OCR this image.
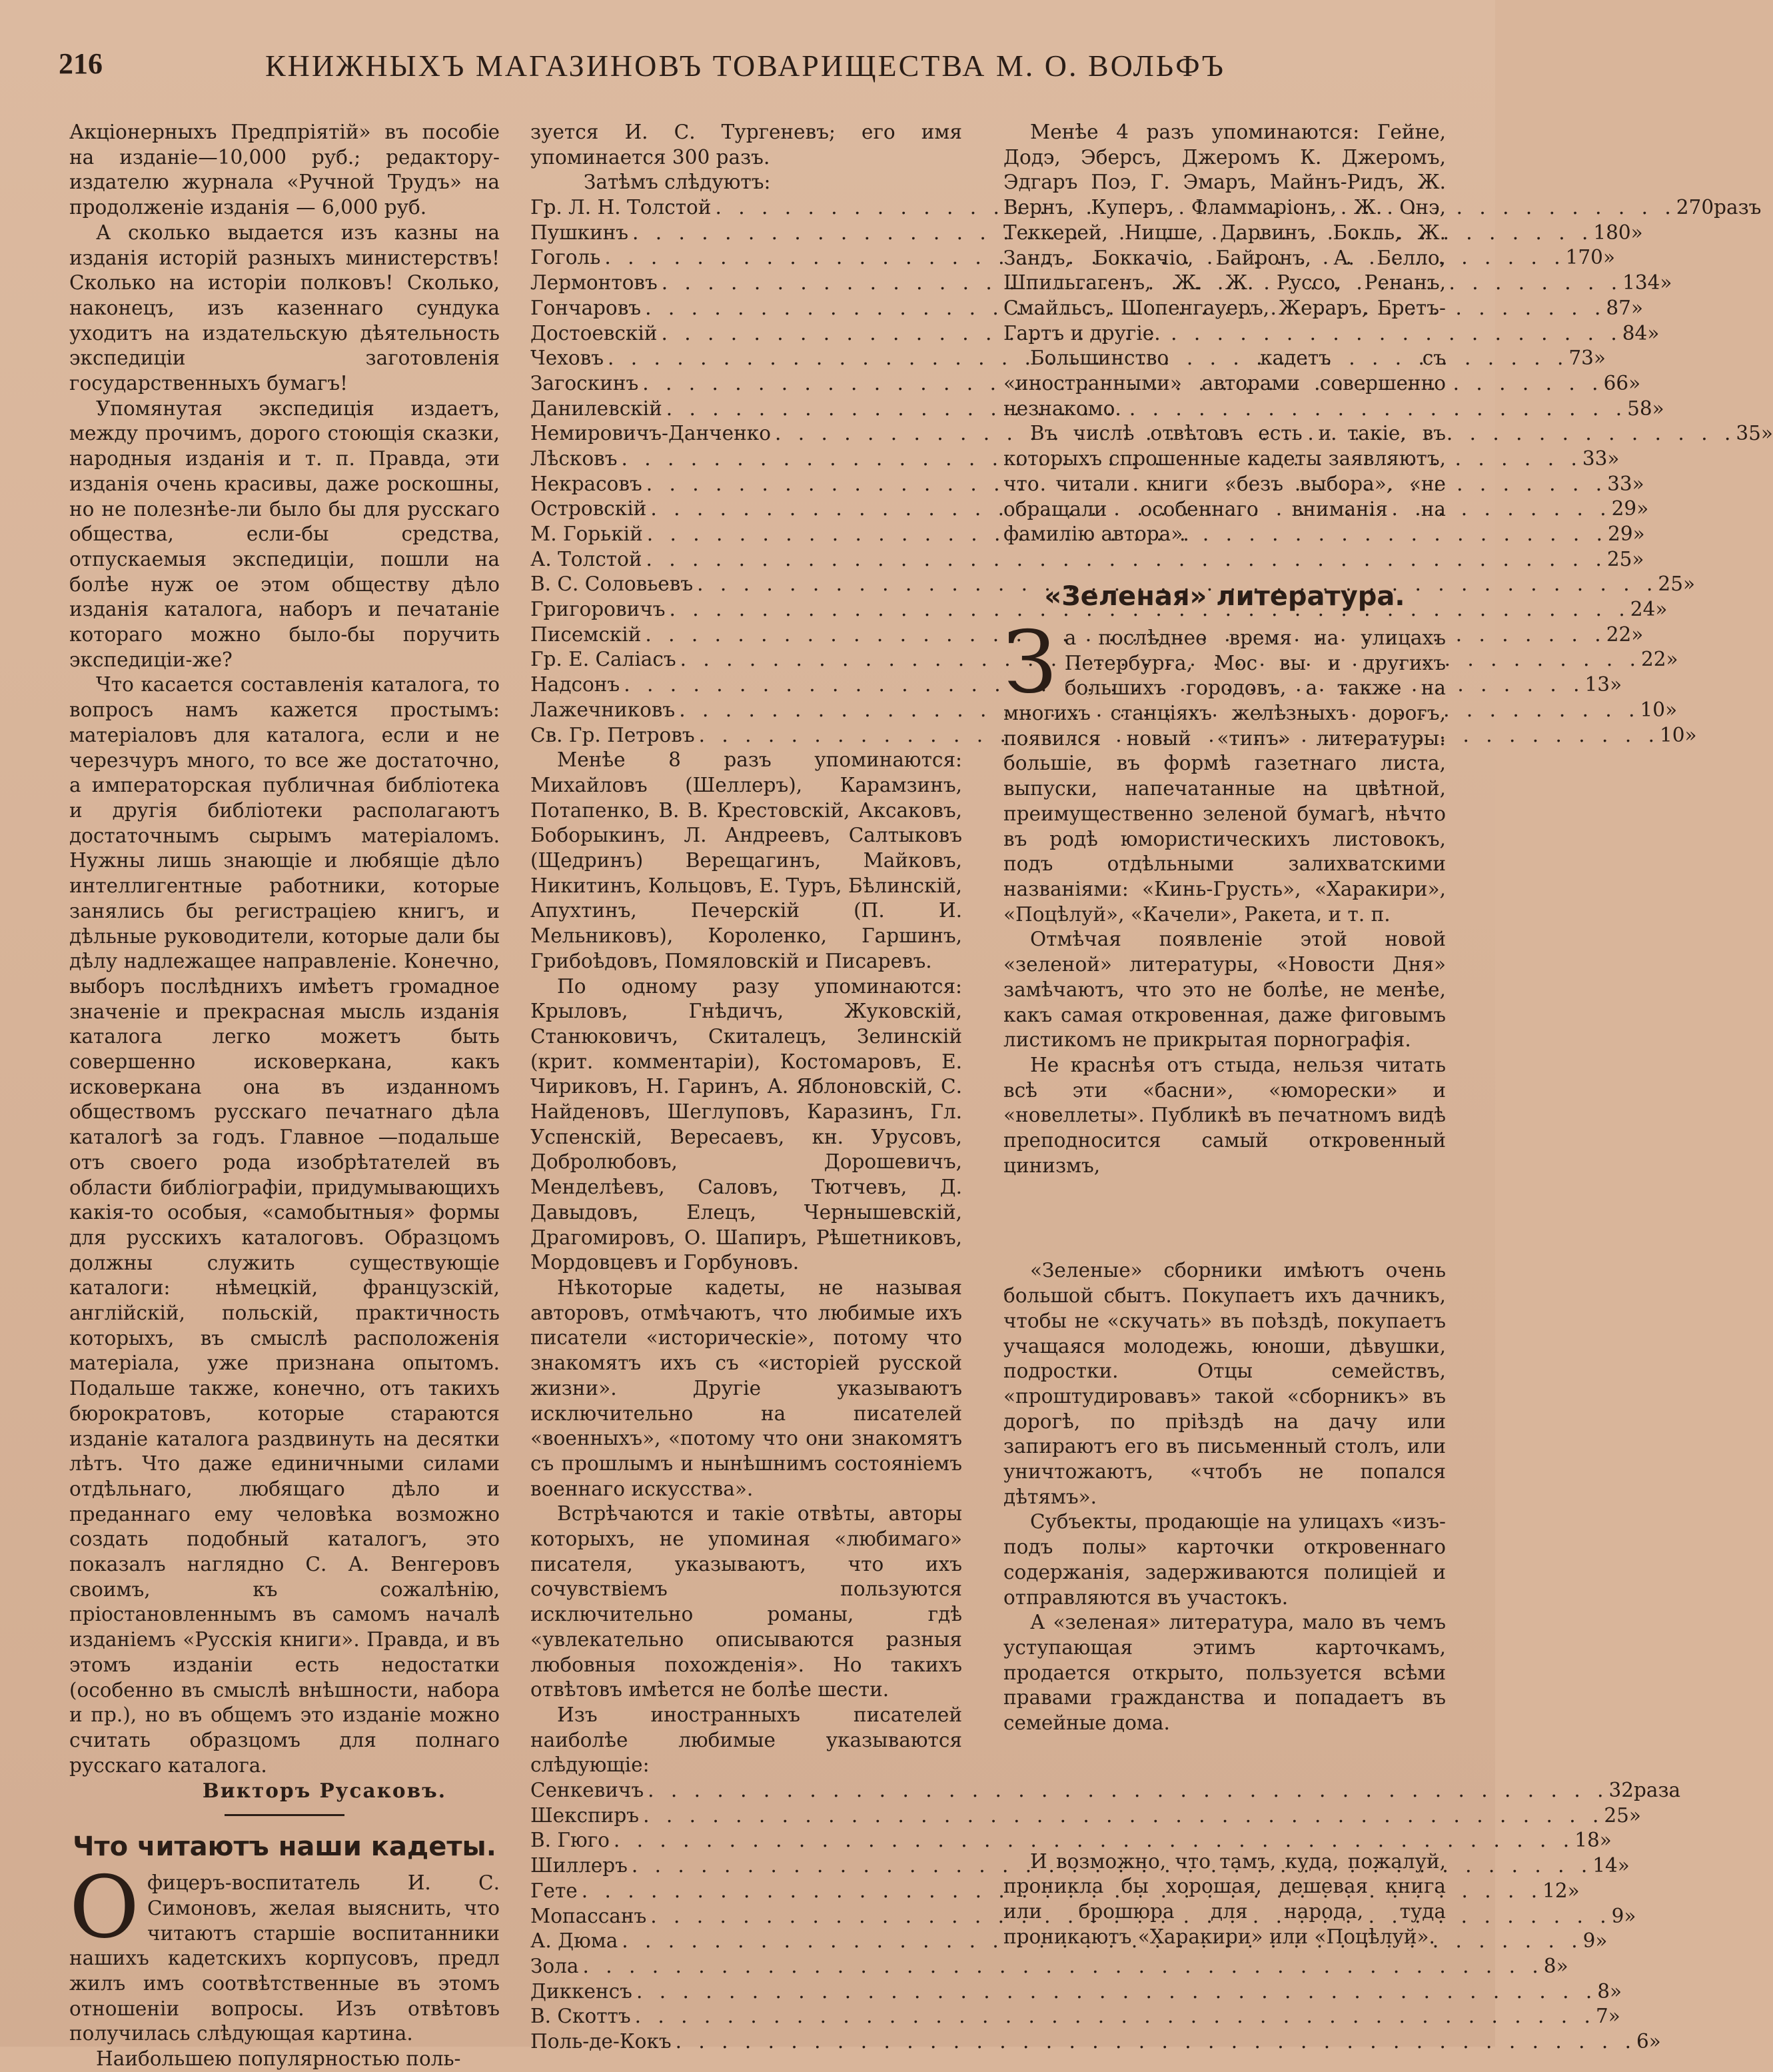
216	КНИЖНЫХЪ МАГАЗИНОВЪ ТОВАРИЩЕСТВА М. О. ВОЛЬФЪ

Акціонерныхъ Предпріятій» въ пособіе на изданіе—10,000 руб.; редактору-издателю журнала «Ручной Трудъ» на продолженіе изданія — 6,000 руб.

А сколько выдается изъ казны на изданія исторій разныхъ министерствъ! Сколько на исторіи полковъ! Сколько, наконецъ, изъ казеннаго сундука уходитъ на издательскую дѣятельность экспедиціи заготовленія государственныхъ бумагъ!

Упомянутая экспедиція издаетъ, между прочимъ, дорого стоющія сказки, народныя изданія и т. п. Правда, эти изданія очень красивы, даже роскошны, но не полезнѣе-ли было бы для русскаго общества, если-бы средства, отпускаемыя экспедиціи, пошли на болѣе нуж ое этом обществу дѣло изданія каталога, наборъ и печатаніе котораго можно было-бы поручить экспедиціи-же?

Что касается составленія каталога, то вопросъ намъ кажется простымъ: матеріаловъ для каталога, если и не черезчуръ много, то все же достаточно, а императорская публичная библіотека и другія библіотеки располагаютъ достаточнымъ сырымъ матеріаломъ. Нужны лишь знающіе и любящіе дѣло интеллигентные работники, которые занялись бы регистраціею книгъ, и дѣльные руководители, которые дали бы дѣлу надлежащее направленіе. Конечно, выборъ послѣднихъ имѣетъ громадное значеніе и прекрасная мысль изданія каталога легко можетъ быть совершенно исковеркана, какъ исковеркана она въ изданномъ обществомъ русскаго печатнаго дѣла каталогѣ за годъ. Главное —подальше отъ своего рода изобрѣтателей въ области библіографіи, придумывающихъ какія-то особыя, «самобытныя» формы для русскихъ каталоговъ. Образцомъ должны служить существующіе каталоги: нѣмецкій, французскій, англійскій, польскій, практичность которыхъ, въ смыслѣ расположенія матеріала, уже признана опытомъ. Подальше также, конечно, отъ такихъ бюрократовъ, которые стараются изданіе каталога раздвинуть на десятки лѣтъ. Что даже единичными силами отдѣльнаго, любящаго дѣло и преданнаго ему человѣка возможно создать подобный каталогъ, это показалъ наглядно С. А. Венгеровъ своимъ, къ сожалѣнію, пріостановленнымъ въ самомъ началѣ изданіемъ «Русскія книги». Правда, и въ этомъ изданіи есть недостатки (особенно въ смыслѣ внѣшности, набора и пр.), но въ общемъ это изданіе можно считать образцомъ для полнаго русскаго каталога.

Викторъ Русаковъ.

Что читаютъ наши кадеты.

Офицеръ-воспитатель И. С. Симоновъ, желая выяснить, что читаютъ старшіе воспитанники нашихъ кадетскихъ корпусовъ, предл жилъ имъ соотвѣтственные въ этомъ отношеніи вопросы. Изъ отвѣтовъ получилась слѣдующая картина.

Наибольшею популярностью поль-

зуется И. С. Тургеневъ; его имя упоминается 300 разъ.

Затѣмъ слѣдуютъ:

Гр. Л. Н. Толстой . . .	270 разъ
Пушкинъ . . .	180 »
Гоголь . . .	170 »
Лермонтовъ . . .	134 »
Гончаровъ . . .	87 »
Достоевскій . . .	84 »
Чеховъ . . .	73 »
Загоскинъ . . .	66 »
Данилевскій . . .	58 »
Немировичъ-Данченко . . .	35 »
Лѣсковъ . . .	33 »
Некрасовъ . . .	33 »
Островскій . . .	29 »
М. Горькій . . .	29 »
А. Толстой . . .	25 »
В. С. Соловьевъ . . .	25 »
Григоровичъ . . .	24 »
Писемскій . . .	22 »
Гр. Е. Саліасъ . . .	22 »
Надсонъ . . .	13 »
Лажечниковъ . . .	10 »
Св. Гр. Петровъ . . .	10 »

Менѣе 8 разъ упоминаются: Михайловъ (Шеллеръ), Карамзинъ, Потапенко, В. В. Крестовскій, Аксаковъ, Боборыкинъ, Л. Андреевъ, Салтыковъ (Щедринъ) Верещагинъ, Майковъ, Никитинъ, Кольцовъ, Е. Туръ, Бѣлинскій, Апухтинъ, Печерскій (П. И. Мельниковъ), Короленко, Гаршинъ, Грибоѣдовъ, Помяловскій и Писаревъ.

По одному разу упоминаются: Крыловъ, Гнѣдичъ, Жуковскій, Станюковичъ, Скиталецъ, Зелинскій (крит. комментаріи), Костомаровъ, Е. Чириковъ, Н. Гаринъ, А. Яблоновскій, С. Найденовъ, Шеглуповъ, Каразинъ, Гл. Успенскій, Вересаевъ, кн. Урусовъ, Добролюбовъ, Дорошевичъ, Менделѣевъ, Саловъ, Тютчевъ, Д. Давыдовъ, Елецъ, Чернышевскій, Драгомировъ, О. Шапиръ, Рѣшетниковъ, Мордовцевъ и Горбуновъ.

Нѣкоторые кадеты, не называя авторовъ, отмѣчаютъ, что любимые ихъ писатели «историческіе», потому что знакомятъ ихъ съ «исторіей русской жизни». Другіе указываютъ исключительно на писателей «военныхъ», «потому что они знакомятъ съ прошлымъ и нынѣшнимъ состояніемъ военнаго искусства».

Встрѣчаются и такіе отвѣты, авторы которыхъ, не упоминая «любимаго» писателя, указываютъ, что ихъ сочувствіемъ пользуются исключительно романы, гдѣ «увлекательно описываются разныя любовныя похожденія». Но такихъ отвѣтовъ имѣется не болѣе шести.

Изъ иностранныхъ писателей наиболѣе любимые указываются слѣдующіе:

Сенкевичъ . . .	32 раза
Шекспиръ . . .	25 »
В. Гюго . . .	18 »
Шиллеръ . . .	14 »
Гете . . .	12 »
Мопассанъ . . .	9 »
А. Дюма . . .	9 »
Зола . . .	8 »
Диккенсъ . . .	8 »
В. Скоттъ . . .	7 »
Поль-де-Кокъ . . .	6 »

Менѣе 4 разъ упоминаются: Гейне, Додэ, Эберсъ, Джеромъ К. Джеромъ, Эдгаръ Поэ, Г. Эмаръ, Майнъ-Ридъ, Ж. Вернъ, Куперъ, Фламмаріонъ, Ж. Онэ, Теккерей, Ницше, Дарвинъ, Бокль, Ж. Зандъ, Боккачіо, Байронъ, А. Белло, Шпильгагенъ, Ж. Ж. Руссо, Ренанъ, Смайльсъ, Шопенгауеръ, Жераръ, Бретъ-Гартъ и другіе.

Большинство кадетъ съ «иностранными» авторами совершенно незнакомо.

Въ числѣ отвѣтовъ есть и такіе, въ которыхъ спрошенные кадеты заявляютъ, что читали книги «безъ выбора», «не обращали особеннаго вниманія на фамилію автора».

«Зеленая» литература.

За послѣднее время на улицахъ Петербурга, Мос вы и другихъ большихъ городовъ, а также на многихъ станціяхъ желѣзныхъ дорогъ, появился новый «типъ» литературы: большіе, въ формѣ газетнаго листа, выпуски, напечатанные на цвѣтной, преимущественно зеленой бумагѣ, нѣчто въ родѣ юмористическихъ листовокъ, подъ отдѣльными залихватскими названіями: «Кинь-Грусть», «Харакири», «Поцѣлуй», «Качели», Ракета, и т. п.

Отмѣчая появленіе этой новой «зеленой» литературы, «Новости Дня» замѣчаютъ, что это не болѣе, не менѣе, какъ самая откровенная, даже фиговымъ листикомъ не прикрытая порнографія.

Не краснѣя отъ стыда, нельзя читать всѣ эти «басни», «юморески» и «новеллеты». Публикѣ въ печатномъ видѣ преподносится самый откровенный цинизмъ,

«Зеленые» сборники имѣютъ очень большой сбытъ. Покупаетъ ихъ дачникъ, чтобы не «скучать» въ поѣздѣ, покупаетъ учащаяся молодежь, юноши, дѣвушки, подростки. Отцы семействъ, «проштудировавъ» такой «сборникъ» въ дорогѣ, по пріѣздѣ на дачу или запираютъ его въ письменный столъ, или уничтожаютъ, «чтобъ не попался дѣтямъ».

Субъекты, продающіе на улицахъ «изъ-подъ полы» карточки откровеннаго содержанія, задерживаются полиціей и отправляются въ участокъ.

А «зеленая» литература, мало въ чемъ уступающая этимъ карточкамъ, продается открыто, пользуется всѣми правами гражданства и попадаетъ въ семейные дома.

И возможно, что тамъ, куда, пожалуй, проникла бы хорошая, дешевая книга или брошюра для народа, туда проникаютъ «Харакири» или «Поцѣлуй».
